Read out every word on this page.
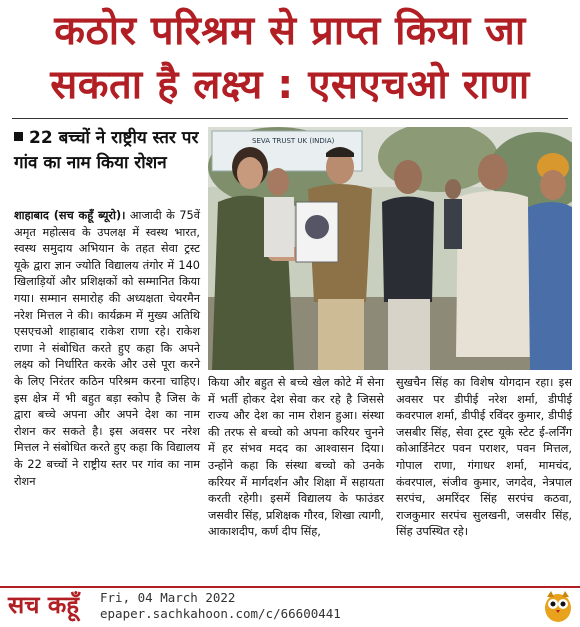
कठोर परिश्रम से प्राप्त किया जा
सकता है लक्ष्य : एसएचओ राणा
22 बच्चों ने राष्ट्रीय स्तर पर गांव का नाम किया रोशन

शाहाबाद (सच कहूँ ब्यूरो)। आजादी के 75वें अमृत महोत्सव के उपलक्ष में स्वस्थ भारत, स्वस्थ समुदाय अभियान के तहत सेवा ट्रस्ट यूके द्वारा ज्ञान ज्योति विद्यालय तंगोर में 140 खिलाड़ियों और प्रशिक्षकों को सम्मानित किया गया। सम्मान समारोह की अध्यक्षता चेयरमैन नरेश मित्तल ने की। कार्यक्रम में मुख्य अतिथि एसएचओ शाहाबाद राकेश राणा रहे। राकेश राणा ने संबोधित करते हुए कहा कि अपने लक्ष्य को निर्धारित करके और उसे पूरा करने के लिए निरंतर कठिन परिश्रम करना चाहिए। इस क्षेत्र में भी बहुत बड़ा स्कोप है जिस के द्वारा बच्चे अपना और अपने देश का नाम रोशन कर सकते है। इस अवसर पर नरेश मित्तल ने संबोधित करते हुए कहा कि विद्यालय के 22 बच्चों ने राष्ट्रीय स्तर पर गांव का नाम रोशन

SEVA TRUST UK (INDIA)

किया और बहुत से बच्चे खेल कोटे में सेना में भर्ती होकर देश सेवा कर रहे है जिससे राज्य और देश का नाम रोशन हुआ। संस्था की तरफ से बच्चो को अपना करियर चुनने में हर संभव मदद का आश्वासन दिया। उन्होंने कहा कि संस्था बच्चो को उनके करियर में मार्गदर्शन और शिक्षा में सहायता करती रहेगी। इसमें विद्यालय के फाउंडर जसवीर सिंह, प्रशिक्षक गौरव, शिखा त्यागी, आकाशदीप, कर्ण दीप सिंह,

सुखचैन सिंह का विशेष योगदान रहा। इस अवसर पर डीपीई नरेश शर्मा, डीपीई कवरपाल शर्मा, डीपीई रविंदर कुमार, डीपीई जसबीर सिंह, सेवा ट्रस्ट यूके स्टेट ई-लर्निंग कोआर्डिनेटर पवन पराशर, पवन मित्तल, गोपाल राणा, गंगाधर शर्मा, मामचंद, कंवरपाल, संजीव कुमार, जगदेव, नेत्रपाल सरपंच, अमरिंदर सिंह सरपंच कठवा, राजकुमार सरपंच सुलखनी, जसवीर सिंह, सिंह उपस्थित रहे।

सच कहूँ Fri, 04 March 2022
epaper.sachkahoon.com/c/66600441
